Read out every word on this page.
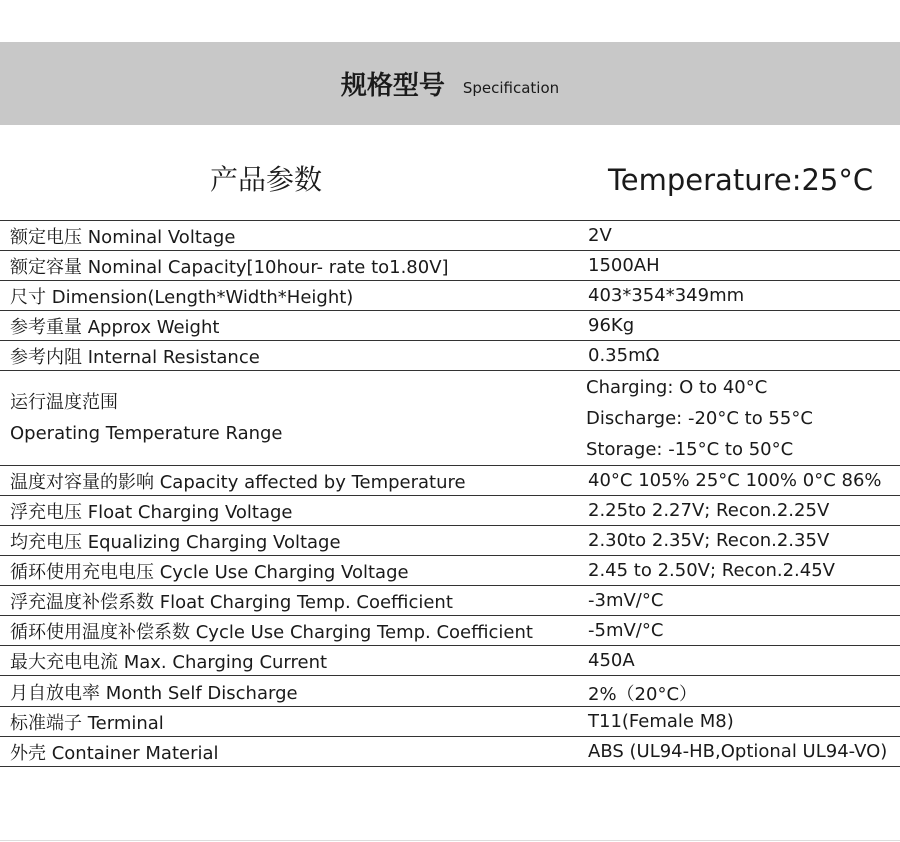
规格型号 Specification
产品参数	Temperature:25°C
额定电压 Nominal Voltage	2V
额定容量 Nominal Capacity[10hour- rate to1.80V]	1500AH
尺寸 Dimension(Length*Width*Height)	403*354*349mm
参考重量 Approx Weight	96Kg
参考内阻 Internal Resistance	0.35mΩ

运行温度范围
Operating Temperature Range	Charging: O to 40°C
Discharge: -20°C to 55°C
Storage: -15°C to 50°C

温度对容量的影响 Capacity affected by Temperature	40°C 105% 25°C 100% 0°C 86%
浮充电压 Float Charging Voltage	2.25to 2.27V; Recon.2.25V
均充电压 Equalizing Charging Voltage	2.30to 2.35V; Recon.2.35V
循环使用充电电压 Cycle Use Charging Voltage	2.45 to 2.50V; Recon.2.45V
浮充温度补偿系数 Float Charging Temp. Coefficient	-3mV/°C
循环使用温度补偿系数 Cycle Use Charging Temp. Coefficient	-5mV/°C
最大充电电流 Max. Charging Current	450A
月自放电率 Month Self Discharge	2%（20°C）
标准端子 Terminal	T11(Female M8)
外壳 Container Material	ABS (UL94-HB,Optional UL94-VO)
